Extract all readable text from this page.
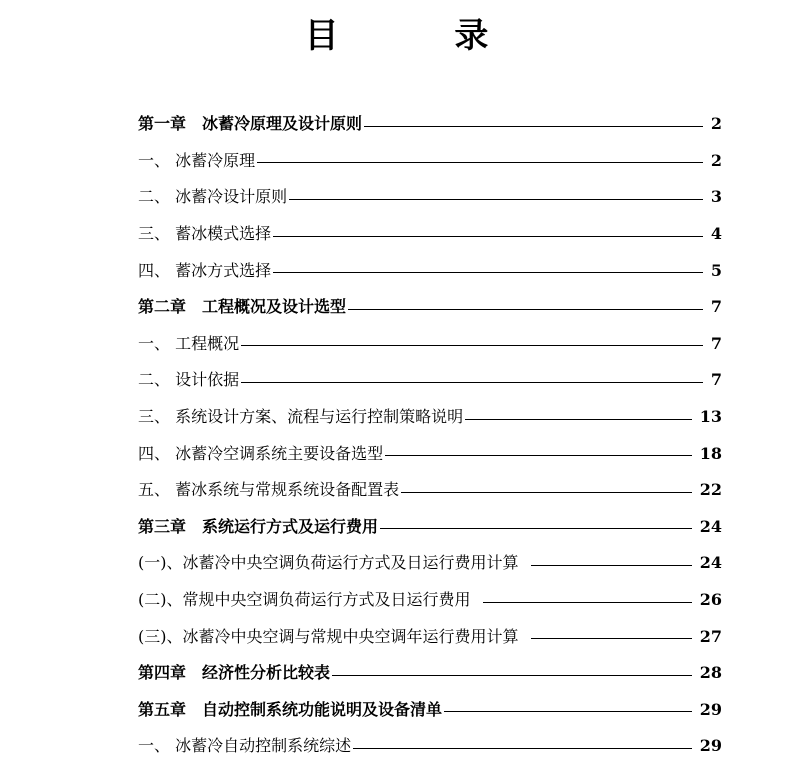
目 录
第一章　冰蓄冷原理及设计原则	2
一、 冰蓄冷原理	2
二、 冰蓄冷设计原则	3
三、 蓄冰模式选择	4
四、 蓄冰方式选择	5
第二章　工程概况及设计选型	7
一、 工程概况	7
二、 设计依据	7
三、 系统设计方案、流程与运行控制策略说明	13
四、 冰蓄冷空调系统主要设备选型	18
五、 蓄冰系统与常规系统设备配置表	22
第三章　系统运行方式及运行费用	24
(一)、冰蓄冷中央空调负荷运行方式及日运行费用计算	24
(二)、常规中央空调负荷运行方式及日运行费用	26
(三)、冰蓄冷中央空调与常规中央空调年运行费用计算	27
第四章　经济性分析比较表	28
第五章　自动控制系统功能说明及设备清单	29
一、 冰蓄冷自动控制系统综述	29
